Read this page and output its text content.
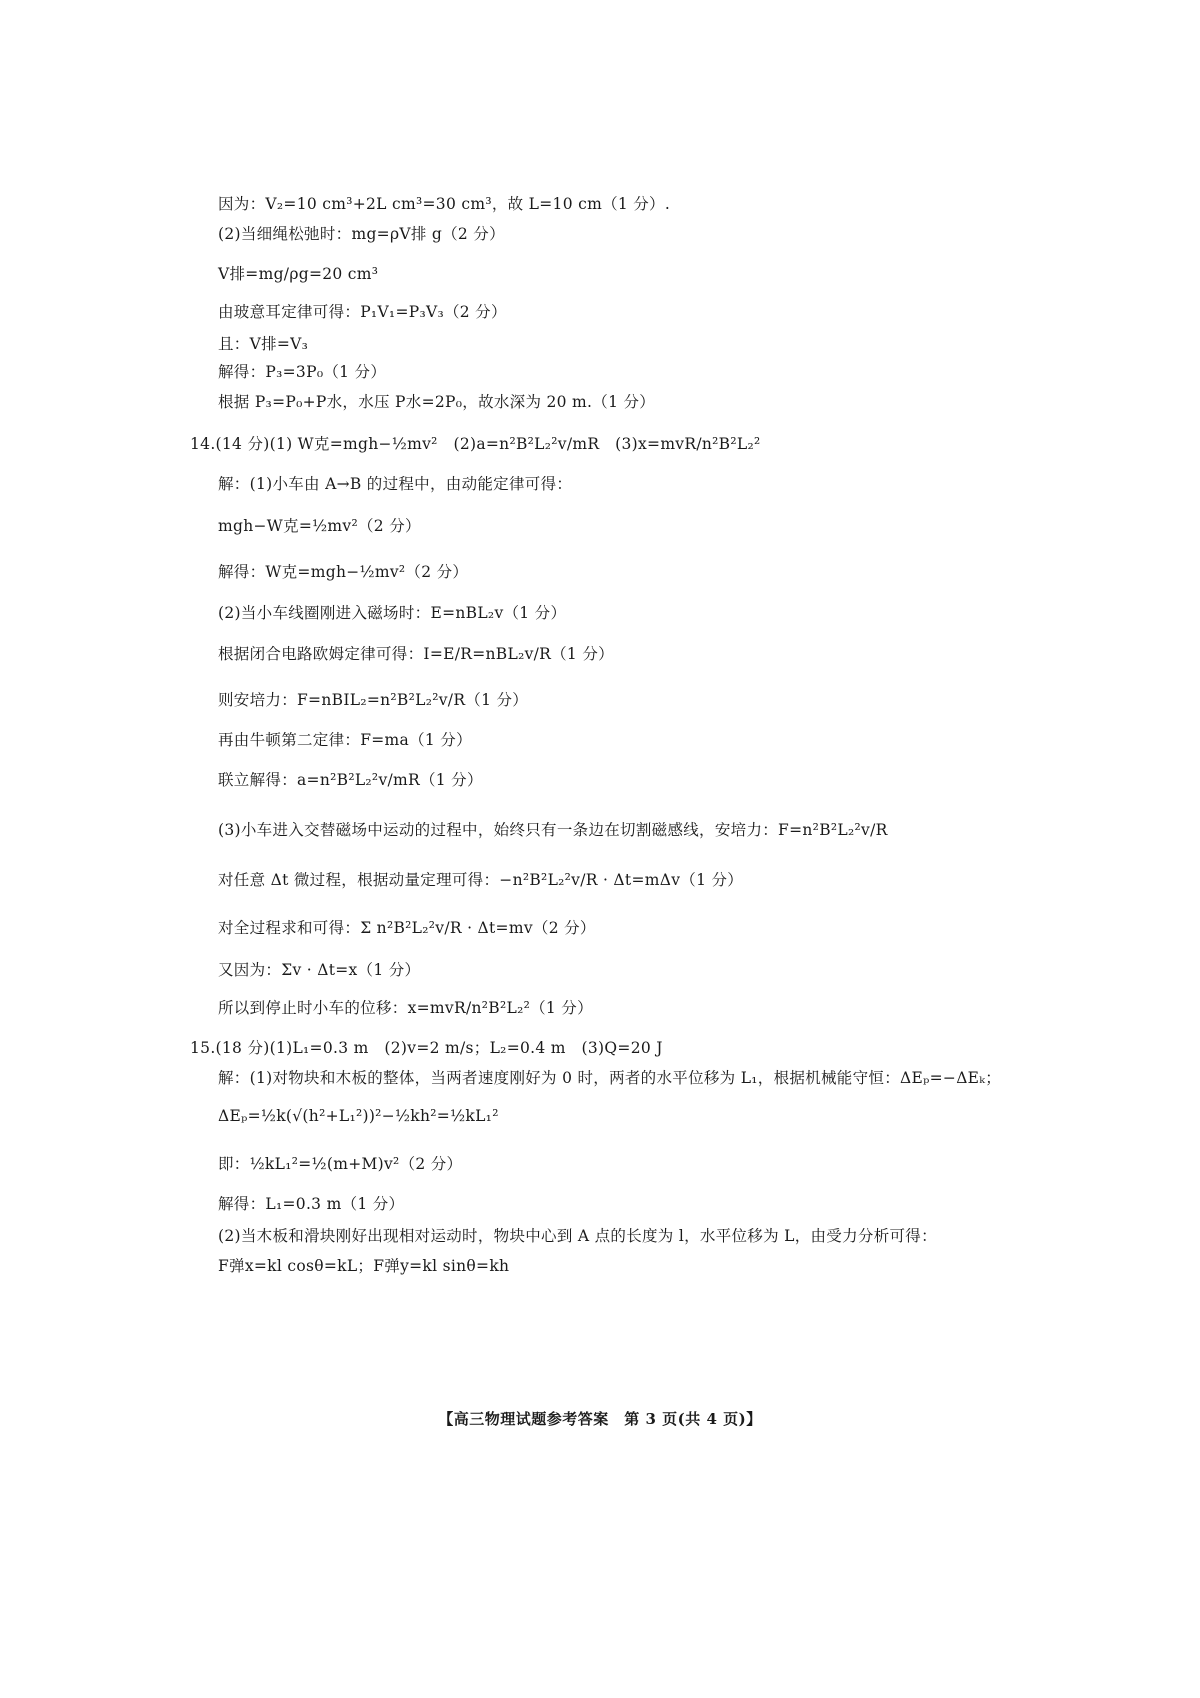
因为：V₂=10 cm³+2L cm³=30 cm³，故 L=10 cm（1 分）.
(2)当细绳松弛时：mg=ρV排 g（2 分）
V排=mg/ρg=20 cm³
由玻意耳定律可得：P₁V₁=P₃V₃（2 分）
且：V排=V₃
解得：P₃=3P₀（1 分）
根据 P₃=P₀+P水，水压 P水=2P₀，故水深为 20 m.（1 分）
14.(14 分)(1) W克=mgh−½mv²　(2)a=n²B²L₂²v/mR　(3)x=mvR/n²B²L₂²
解：(1)小车由 A→B 的过程中，由动能定律可得：
mgh−W克=½mv²（2 分）
解得：W克=mgh−½mv²（2 分）
(2)当小车线圈刚进入磁场时：E=nBL₂v（1 分）
根据闭合电路欧姆定律可得：I=E/R=nBL₂v/R（1 分）
则安培力：F=nBIL₂=n²B²L₂²v/R（1 分）
再由牛顿第二定律：F=ma（1 分）
联立解得：a=n²B²L₂²v/mR（1 分）
(3)小车进入交替磁场中运动的过程中，始终只有一条边在切割磁感线，安培力：F=n²B²L₂²v/R
对任意 Δt 微过程，根据动量定理可得：−n²B²L₂²v/R · Δt=mΔv（1 分）
对全过程求和可得：Σ n²B²L₂²v/R · Δt=mv（2 分）
又因为：Σv · Δt=x（1 分）
所以到停止时小车的位移：x=mvR/n²B²L₂²（1 分）
15.(18 分)(1)L₁=0.3 m　(2)v=2 m/s；L₂=0.4 m　(3)Q=20 J
解：(1)对物块和木板的整体，当两者速度刚好为 0 时，两者的水平位移为 L₁，根据机械能守恒：ΔEₚ=−ΔEₖ；
ΔEₚ=½k(√(h²+L₁²))²−½kh²=½kL₁²
即：½kL₁²=½(m+M)v²（2 分）
解得：L₁=0.3 m（1 分）
(2)当木板和滑块刚好出现相对运动时，物块中心到 A 点的长度为 l，水平位移为 L，由受力分析可得：
F弹x=kl cosθ=kL；F弹y=kl sinθ=kh
【高三物理试题参考答案　第 3 页(共 4 页)】
